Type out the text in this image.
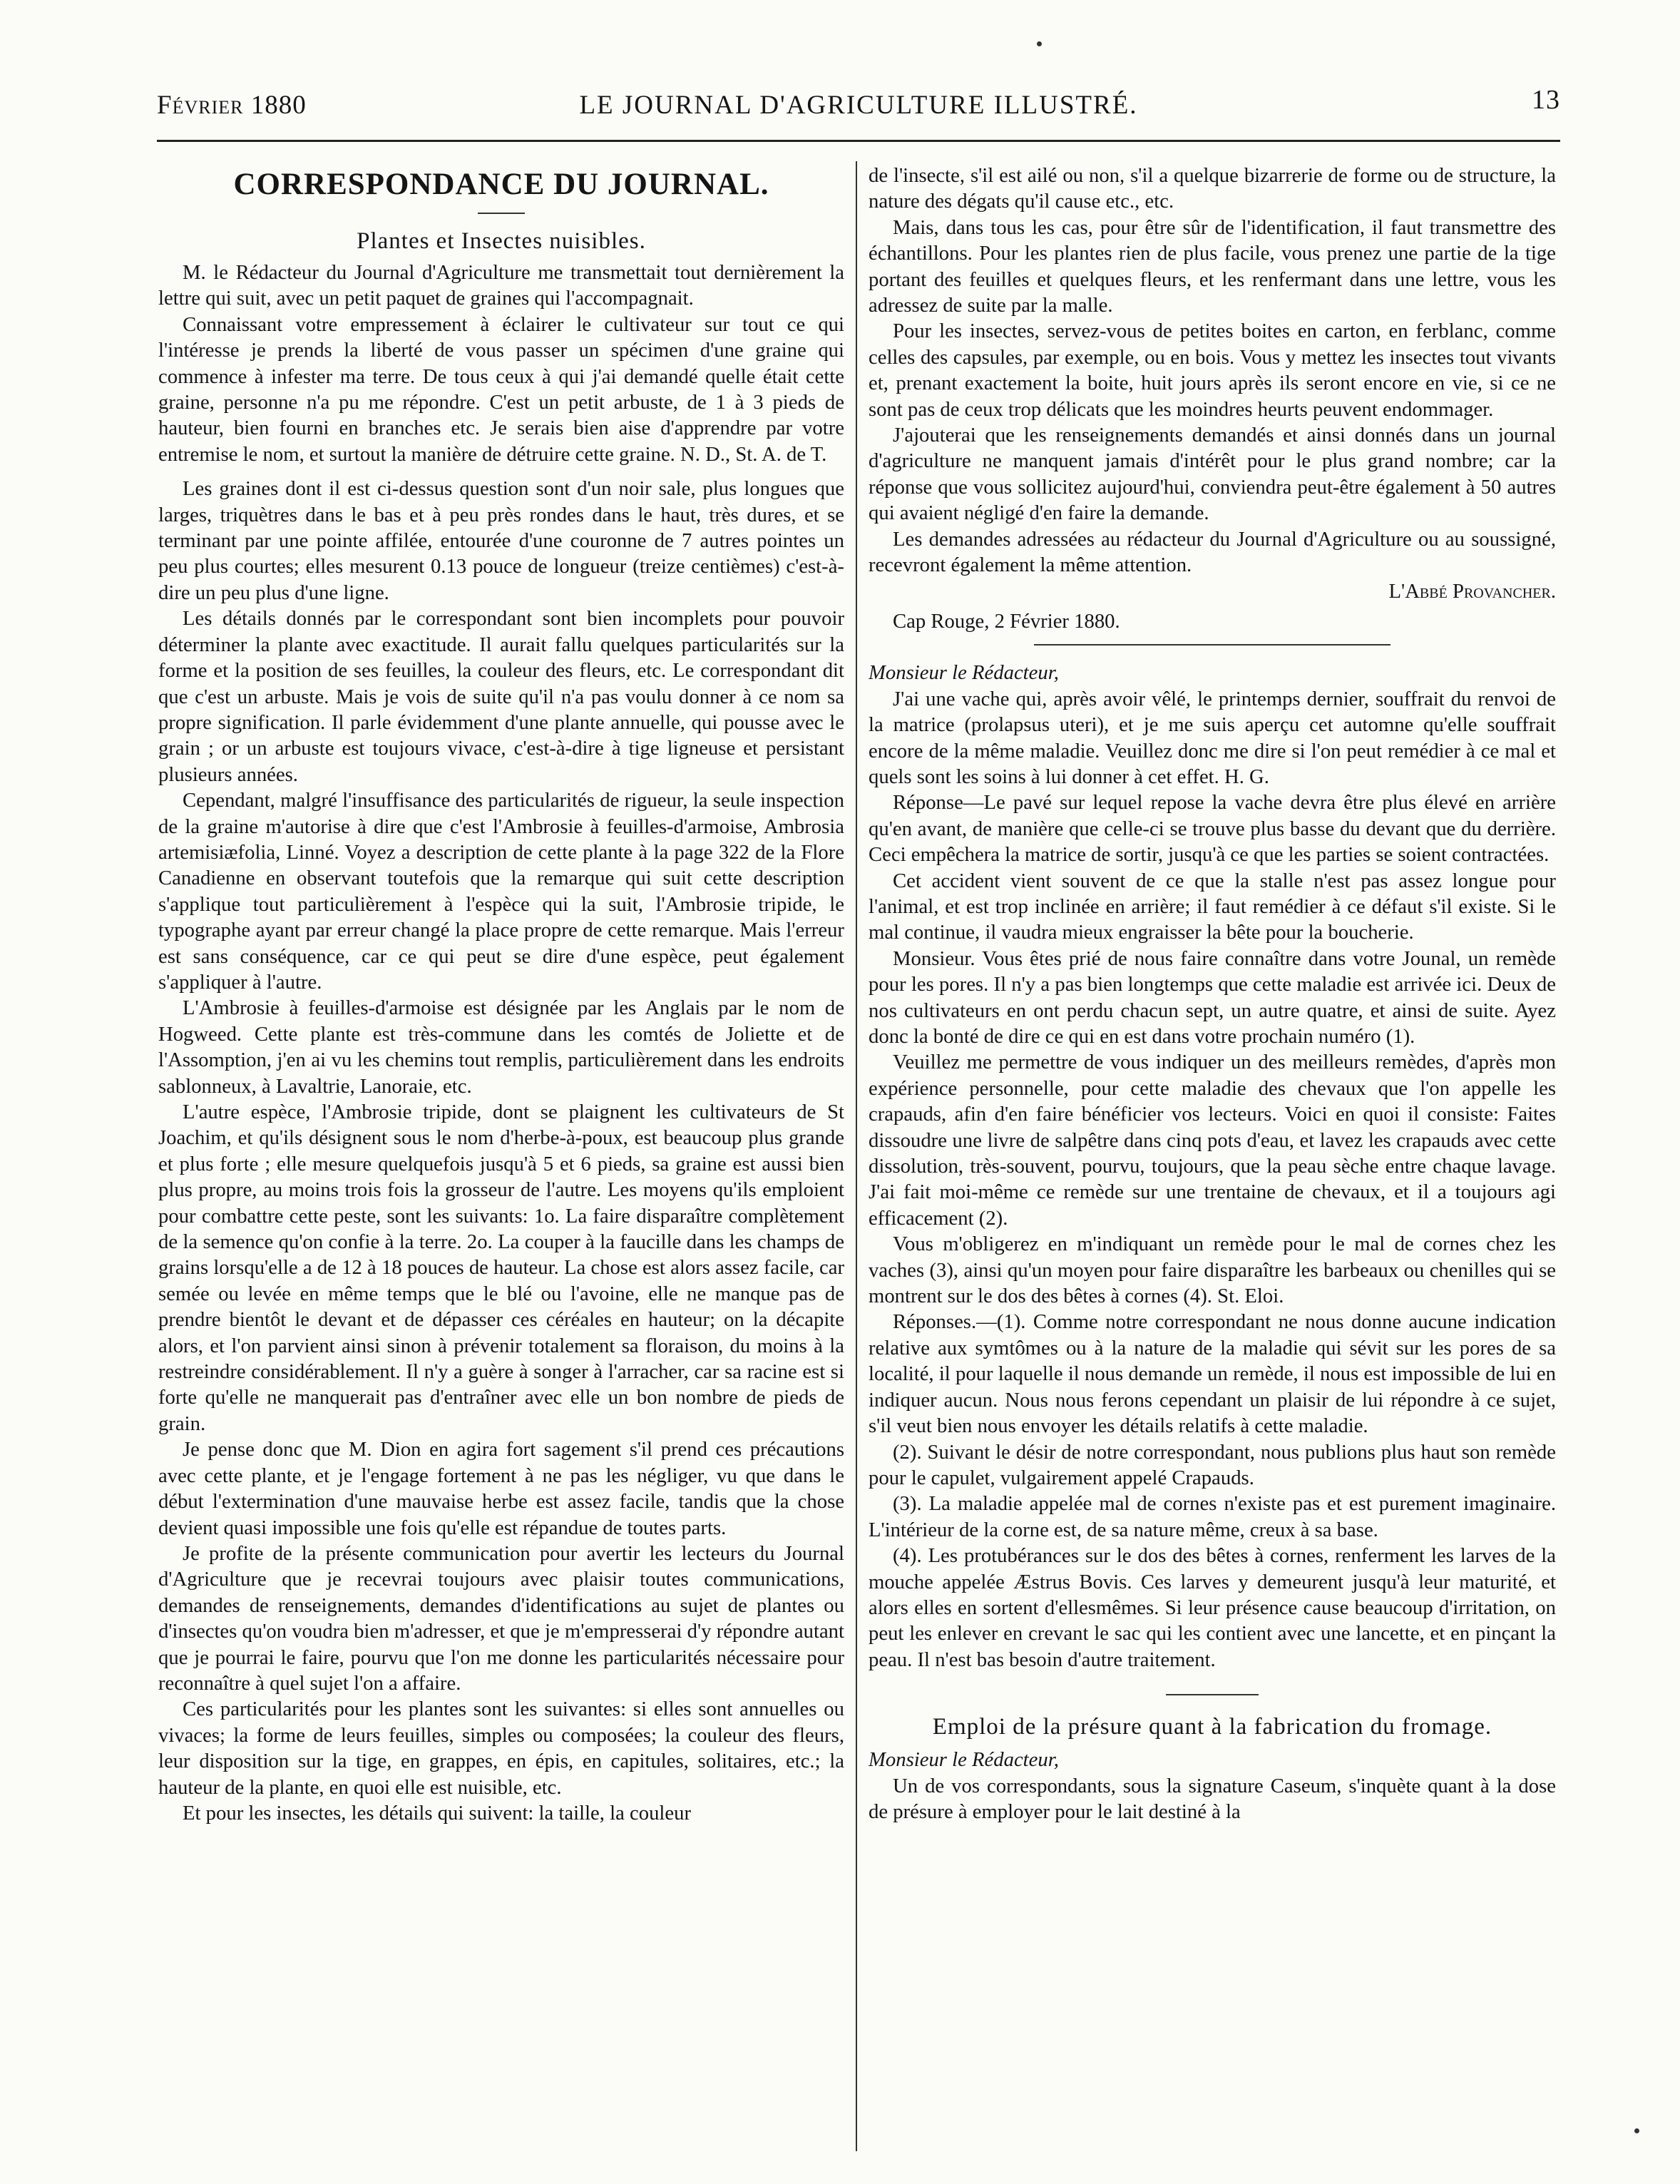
Février 1880	LE JOURNAL D'AGRICULTURE ILLUSTRÉ.	13
CORRESPONDANCE DU JOURNAL.
Plantes et Insectes nuisibles.

M. le Rédacteur du Journal d'Agriculture me transmettait tout dernièrement la lettre qui suit, avec un petit paquet de graines qui l'accompagnait.

Connaissant votre empressement à éclairer le cultivateur sur tout ce qui l'intéresse je prends la liberté de vous passer un spécimen d'une graine qui commence à infester ma terre. De tous ceux à qui j'ai demandé quelle était cette graine, personne n'a pu me répondre. C'est un petit arbuste, de 1 à 3 pieds de hauteur, bien fourni en branches etc. Je serais bien aise d'apprendre par votre entremise le nom, et surtout la manière de détruire cette graine. N. D., St. A. de T.

Les graines dont il est ci-dessus question sont d'un noir sale, plus longues que larges, triquètres dans le bas et à peu près rondes dans le haut, très dures, et se terminant par une pointe affilée, entourée d'une couronne de 7 autres pointes un peu plus courtes; elles mesurent 0.13 pouce de longueur (treize centièmes) c'est-à-dire un peu plus d'une ligne.

Les détails donnés par le correspondant sont bien incomplets pour pouvoir déterminer la plante avec exactitude. Il aurait fallu quelques particularités sur la forme et la position de ses feuilles, la couleur des fleurs, etc. Le correspondant dit que c'est un arbuste. Mais je vois de suite qu'il n'a pas voulu donner à ce nom sa propre signification. Il parle évidemment d'une plante annuelle, qui pousse avec le grain ; or un arbuste est toujours vivace, c'est-à-dire à tige ligneuse et persistant plusieurs années.

Cependant, malgré l'insuffisance des particularités de rigueur, la seule inspection de la graine m'autorise à dire que c'est l'Ambrosie à feuilles-d'armoise, Ambrosia artemisiæfolia, Linné. Voyez a description de cette plante à la page 322 de la Flore Canadienne en observant toutefois que la remarque qui suit cette description s'applique tout particulièrement à l'espèce qui la suit, l'Ambrosie tripide, le typographe ayant par erreur changé la place propre de cette remarque. Mais l'erreur est sans conséquence, car ce qui peut se dire d'une espèce, peut également s'appliquer à l'autre.

L'Ambrosie à feuilles-d'armoise est désignée par les Anglais par le nom de Hogweed. Cette plante est très-commune dans les comtés de Joliette et de l'Assomption, j'en ai vu les chemins tout remplis, particulièrement dans les endroits sablonneux, à Lavaltrie, Lanoraie, etc.

L'autre espèce, l'Ambrosie tripide, dont se plaignent les cultivateurs de St Joachim, et qu'ils désignent sous le nom d'herbe-à-poux, est beaucoup plus grande et plus forte ; elle mesure quelquefois jusqu'à 5 et 6 pieds, sa graine est aussi bien plus propre, au moins trois fois la grosseur de l'autre. Les moyens qu'ils emploient pour combattre cette peste, sont les suivants: 1o. La faire disparaître complètement de la semence qu'on confie à la terre. 2o. La couper à la faucille dans les champs de grains lorsqu'elle a de 12 à 18 pouces de hauteur. La chose est alors assez facile, car semée ou levée en même temps que le blé ou l'avoine, elle ne manque pas de prendre bientôt le devant et de dépasser ces céréales en hauteur; on la décapite alors, et l'on parvient ainsi sinon à prévenir totalement sa floraison, du moins à la restreindre considérablement. Il n'y a guère à songer à l'arracher, car sa racine est si forte qu'elle ne manquerait pas d'entraîner avec elle un bon nombre de pieds de grain.

Je pense donc que M. Dion en agira fort sagement s'il prend ces précautions avec cette plante, et je l'engage fortement à ne pas les négliger, vu que dans le début l'extermination d'une mauvaise herbe est assez facile, tandis que la chose devient quasi impossible une fois qu'elle est répandue de toutes parts.

Je profite de la présente communication pour avertir les lecteurs du Journal d'Agriculture que je recevrai toujours avec plaisir toutes communications, demandes de renseignements, demandes d'identifications au sujet de plantes ou d'insectes qu'on voudra bien m'adresser, et que je m'empresserai d'y répondre autant que je pourrai le faire, pourvu que l'on me donne les particularités nécessaire pour reconnaître à quel sujet l'on a affaire.

Ces particularités pour les plantes sont les suivantes: si elles sont annuelles ou vivaces; la forme de leurs feuilles, simples ou composées; la couleur des fleurs, leur disposition sur la tige, en grappes, en épis, en capitules, solitaires, etc.; la hauteur de la plante, en quoi elle est nuisible, etc.

Et pour les insectes, les détails qui suivent: la taille, la couleur

de l'insecte, s'il est ailé ou non, s'il a quelque bizarrerie de forme ou de structure, la nature des dégats qu'il cause etc., etc.

Mais, dans tous les cas, pour être sûr de l'identification, il faut transmettre des échantillons. Pour les plantes rien de plus facile, vous prenez une partie de la tige portant des feuilles et quelques fleurs, et les renfermant dans une lettre, vous les adressez de suite par la malle.

Pour les insectes, servez-vous de petites boites en carton, en ferblanc, comme celles des capsules, par exemple, ou en bois. Vous y mettez les insectes tout vivants et, prenant exactement la boite, huit jours après ils seront encore en vie, si ce ne sont pas de ceux trop délicats que les moindres heurts peuvent endommager.

J'ajouterai que les renseignements demandés et ainsi donnés dans un journal d'agriculture ne manquent jamais d'intérêt pour le plus grand nombre; car la réponse que vous sollicitez aujourd'hui, conviendra peut-être également à 50 autres qui avaient négligé d'en faire la demande.

Les demandes adressées au rédacteur du Journal d'Agriculture ou au soussigné, recevront également la même attention.

L'Abbé Provancher.

Cap Rouge, 2 Février 1880.

Monsieur le Rédacteur,

J'ai une vache qui, après avoir vêlé, le printemps dernier, souffrait du renvoi de la matrice (prolapsus uteri), et je me suis aperçu cet automne qu'elle souffrait encore de la même maladie. Veuillez donc me dire si l'on peut remédier à ce mal et quels sont les soins à lui donner à cet effet. H. G.

Réponse—Le pavé sur lequel repose la vache devra être plus élevé en arrière qu'en avant, de manière que celle-ci se trouve plus basse du devant que du derrière. Ceci empêchera la matrice de sortir, jusqu'à ce que les parties se soient contractées.

Cet accident vient souvent de ce que la stalle n'est pas assez longue pour l'animal, et est trop inclinée en arrière; il faut remédier à ce défaut s'il existe. Si le mal continue, il vaudra mieux engraisser la bête pour la boucherie.

Monsieur. Vous êtes prié de nous faire connaître dans votre Jounal, un remède pour les pores. Il n'y a pas bien longtemps que cette maladie est arrivée ici. Deux de nos cultivateurs en ont perdu chacun sept, un autre quatre, et ainsi de suite. Ayez donc la bonté de dire ce qui en est dans votre prochain numéro (1).

Veuillez me permettre de vous indiquer un des meilleurs remèdes, d'après mon expérience personnelle, pour cette maladie des chevaux que l'on appelle les crapauds, afin d'en faire bénéficier vos lecteurs. Voici en quoi il consiste: Faites dissoudre une livre de salpêtre dans cinq pots d'eau, et lavez les crapauds avec cette dissolution, très-souvent, pourvu, toujours, que la peau sèche entre chaque lavage. J'ai fait moi-même ce remède sur une trentaine de chevaux, et il a toujours agi efficacement (2).

Vous m'obligerez en m'indiquant un remède pour le mal de cornes chez les vaches (3), ainsi qu'un moyen pour faire disparaître les barbeaux ou chenilles qui se montrent sur le dos des bêtes à cornes (4). St. Eloi.

Réponses.—(1). Comme notre correspondant ne nous donne aucune indication relative aux symtômes ou à la nature de la maladie qui sévit sur les pores de sa localité, il pour laquelle il nous demande un remède, il nous est impossible de lui en indiquer aucun. Nous nous ferons cependant un plaisir de lui répondre à ce sujet, s'il veut bien nous envoyer les détails relatifs à cette maladie.

(2). Suivant le désir de notre correspondant, nous publions plus haut son remède pour le capulet, vulgairement appelé Crapauds.

(3). La maladie appelée mal de cornes n'existe pas et est purement imaginaire. L'intérieur de la corne est, de sa nature même, creux à sa base.

(4). Les protubérances sur le dos des bêtes à cornes, renferment les larves de la mouche appelée Æstrus Bovis. Ces larves y demeurent jusqu'à leur maturité, et alors elles en sortent d'ellesmêmes. Si leur présence cause beaucoup d'irritation, on peut les enlever en crevant le sac qui les contient avec une lancette, et en pinçant la peau. Il n'est bas besoin d'autre traitement.

Emploi de la présure quant à la fabrication du fromage.

Monsieur le Rédacteur,

Un de vos correspondants, sous la signature Caseum, s'inquète quant à la dose de présure à employer pour le lait destiné à la
